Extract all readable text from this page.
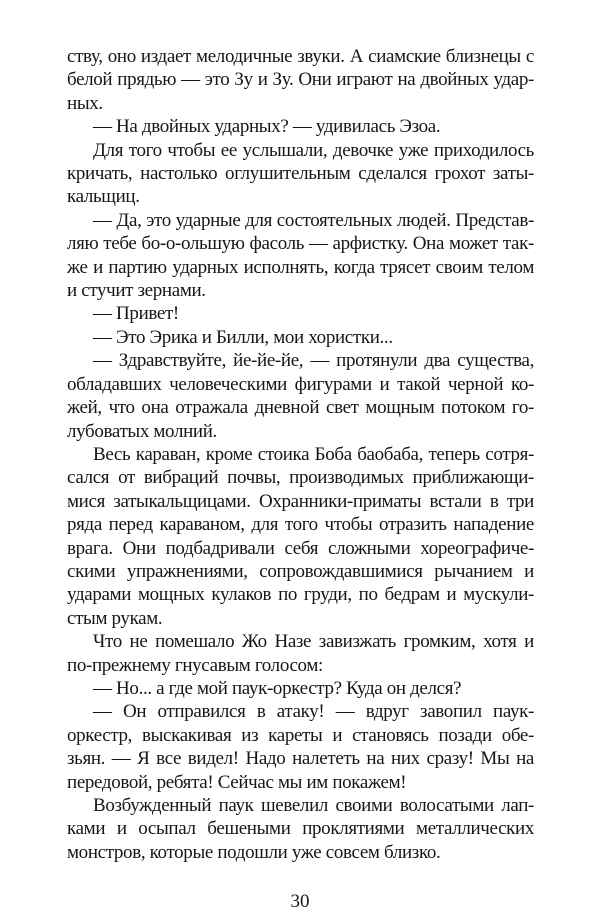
ству, оно издает мелодичные звуки. А сиамские близнецы с
белой прядью — это Зу и Зу. Они играют на двойных удар-
ных.
— На двойных ударных? — удивилась Эзоа.
Для того чтобы ее услышали, девочке уже приходилось
кричать, настолько оглушительным сделался грохот заты-
кальщиц.
— Да, это ударные для состоятельных людей. Представ-
ляю тебе бо-о-ольшую фасоль — арфистку. Она может так-
же и партию ударных исполнять, когда трясет своим телом
и стучит зернами.
— Привет!
— Это Эрика и Билли, мои хористки...
— Здравствуйте, йе-йе-йе, — протянули два существа,
обладавших человеческими фигурами и такой черной ко-
жей, что она отражала дневной свет мощным потоком го-
лубоватых молний.
Весь караван, кроме стоика Боба баобаба, теперь сотря-
сался от вибраций почвы, производимых приближающи-
мися затыкальщицами. Охранники-приматы встали в три
ряда перед караваном, для того чтобы отразить нападение
врага. Они подбадривали себя сложными хореографиче-
скими упражнениями, сопровождавшимися рычанием и
ударами мощных кулаков по груди, по бедрам и мускули-
стым рукам.
Что не помешало Жо Назе завизжать громким, хотя и
по-прежнему гнусавым голосом:
— Но... а где мой паук-оркестр? Куда он делся?
— Он отправился в атаку! — вдруг завопил паук-
оркестр, выскакивая из кареты и становясь позади обе-
зьян. — Я все видел! Надо налететь на них сразу! Мы на
передовой, ребята! Сейчас мы им покажем!
Возбужденный паук шевелил своими волосатыми лап-
ками и осыпал бешеными проклятиями металлических
монстров, которые подошли уже совсем близко.
30
